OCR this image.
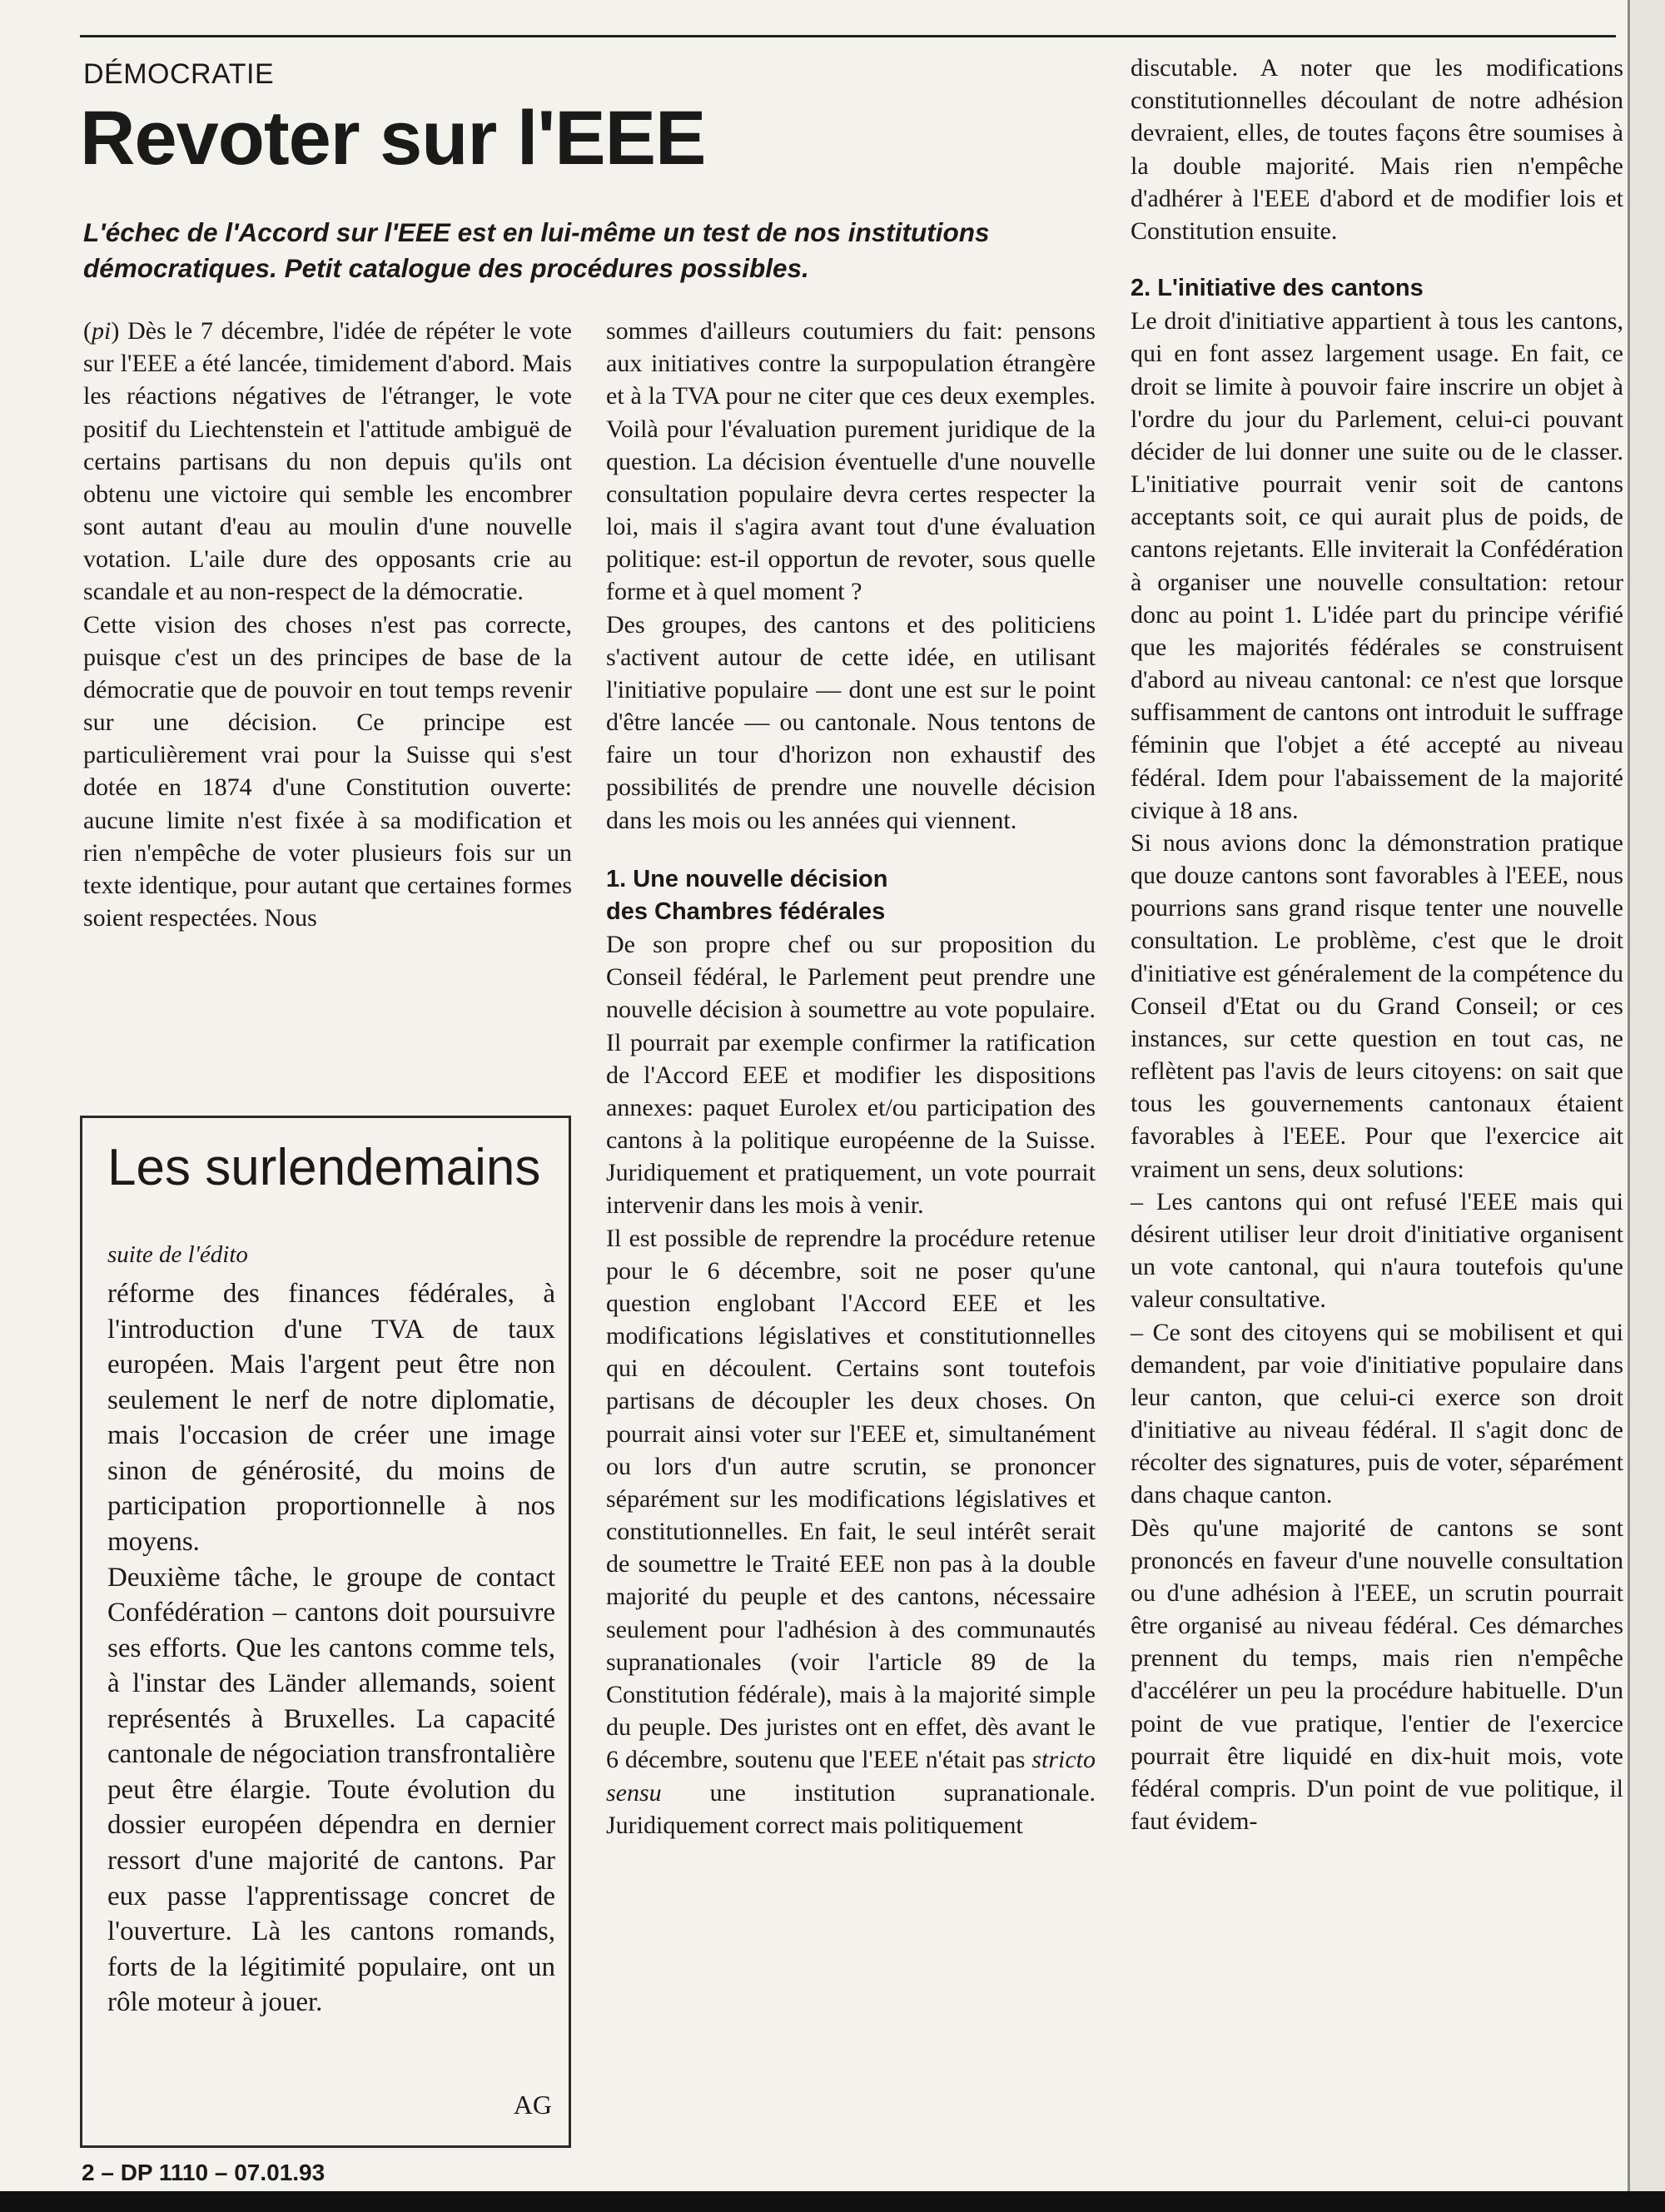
DÉMOCRATIE
Revoter sur l'EEE
L'échec de l'Accord sur l'EEE est en lui-même un test de nos institutions démocratiques. Petit catalogue des procédures possibles.

(pi) Dès le 7 décembre, l'idée de répéter le vote sur l'EEE a été lancée, timidement d'abord. Mais les réactions négatives de l'étranger, le vote positif du Liechtenstein et l'attitude ambiguë de certains partisans du non depuis qu'ils ont obtenu une victoire qui semble les encombrer sont autant d'eau au moulin d'une nouvelle votation. L'aile dure des opposants crie au scandale et au non-respect de la démocratie.

Cette vision des choses n'est pas correcte, puisque c'est un des principes de base de la démocratie que de pouvoir en tout temps revenir sur une décision. Ce principe est particulièrement vrai pour la Suisse qui s'est dotée en 1874 d'une Constitution ouverte: aucune limite n'est fixée à sa modification et rien n'empêche de voter plusieurs fois sur un texte identique, pour autant que certaines formes soient respectées. Nous

sommes d'ailleurs coutumiers du fait: pensons aux initiatives contre la surpopulation étrangère et à la TVA pour ne citer que ces deux exemples. Voilà pour l'évaluation purement juridique de la question. La décision éventuelle d'une nouvelle consultation populaire devra certes respecter la loi, mais il s'agira avant tout d'une évaluation politique: est-il opportun de revoter, sous quelle forme et à quel moment ?

Des groupes, des cantons et des politiciens s'activent autour de cette idée, en utilisant l'initiative populaire — dont une est sur le point d'être lancée — ou cantonale. Nous tentons de faire un tour d'horizon non exhaustif des possibilités de prendre une nouvelle décision dans les mois ou les années qui viennent.

1. Une nouvelle décision
des Chambres fédérales

De son propre chef ou sur proposition du Conseil fédéral, le Parlement peut prendre une nouvelle décision à soumettre au vote populaire. Il pourrait par exemple confirmer la ratification de l'Accord EEE et modifier les dispositions annexes: paquet Eurolex et/ou participation des cantons à la politique européenne de la Suisse. Juridiquement et pratiquement, un vote pourrait intervenir dans les mois à venir.

Il est possible de reprendre la procédure retenue pour le 6 décembre, soit ne poser qu'une question englobant l'Accord EEE et les modifications législatives et constitutionnelles qui en découlent. Certains sont toutefois partisans de découpler les deux choses. On pourrait ainsi voter sur l'EEE et, simultanément ou lors d'un autre scrutin, se prononcer séparément sur les modifications législatives et constitutionnelles. En fait, le seul intérêt serait de soumettre le Traité EEE non pas à la double majorité du peuple et des cantons, nécessaire seulement pour l'adhésion à des communautés supranationales (voir l'article 89 de la Constitution fédérale), mais à la majorité simple du peuple. Des juristes ont en effet, dès avant le 6 décembre, soutenu que l'EEE n'était pas stricto sensu une institution supranationale. Juridiquement correct mais politiquement

discutable. A noter que les modifications constitutionnelles découlant de notre adhésion devraient, elles, de toutes façons être soumises à la double majorité. Mais rien n'empêche d'adhérer à l'EEE d'abord et de modifier lois et Constitution ensuite.

2. L'initiative des cantons

Le droit d'initiative appartient à tous les cantons, qui en font assez largement usage. En fait, ce droit se limite à pouvoir faire inscrire un objet à l'ordre du jour du Parlement, celui-ci pouvant décider de lui donner une suite ou de le classer. L'initiative pourrait venir soit de cantons acceptants soit, ce qui aurait plus de poids, de cantons rejetants. Elle inviterait la Confédération à organiser une nouvelle consultation: retour donc au point 1. L'idée part du principe vérifié que les majorités fédérales se construisent d'abord au niveau cantonal: ce n'est que lorsque suffisamment de cantons ont introduit le suffrage féminin que l'objet a été accepté au niveau fédéral. Idem pour l'abaissement de la majorité civique à 18 ans.

Si nous avions donc la démonstration pratique que douze cantons sont favorables à l'EEE, nous pourrions sans grand risque tenter une nouvelle consultation. Le problème, c'est que le droit d'initiative est généralement de la compétence du Conseil d'Etat ou du Grand Conseil; or ces instances, sur cette question en tout cas, ne reflètent pas l'avis de leurs citoyens: on sait que tous les gouvernements cantonaux étaient favorables à l'EEE. Pour que l'exercice ait vraiment un sens, deux solutions:

– Les cantons qui ont refusé l'EEE mais qui désirent utiliser leur droit d'initiative organisent un vote cantonal, qui n'aura toutefois qu'une valeur consultative.

– Ce sont des citoyens qui se mobilisent et qui demandent, par voie d'initiative populaire dans leur canton, que celui-ci exerce son droit d'initiative au niveau fédéral. Il s'agit donc de récolter des signatures, puis de voter, séparément dans chaque canton.

Dès qu'une majorité de cantons se sont prononcés en faveur d'une nouvelle consultation ou d'une adhésion à l'EEE, un scrutin pourrait être organisé au niveau fédéral. Ces démarches prennent du temps, mais rien n'empêche d'accélérer un peu la procédure habituelle. D'un point de vue pratique, l'entier de l'exercice pourrait être liquidé en dix-huit mois, vote fédéral compris. D'un point de vue politique, il faut évidem-

Les surlendemains
suite de l'édito

réforme des finances fédérales, à l'introduction d'une TVA de taux européen. Mais l'argent peut être non seulement le nerf de notre diplomatie, mais l'occasion de créer une image sinon de générosité, du moins de participation proportionnelle à nos moyens.

Deuxième tâche, le groupe de contact Confédération – cantons doit poursuivre ses efforts. Que les cantons comme tels, à l'instar des Länder allemands, soient représentés à Bruxelles. La capacité cantonale de négociation transfrontalière peut être élargie. Toute évolution du dossier européen dépendra en dernier ressort d'une majorité de cantons. Par eux passe l'apprentissage concret de l'ouverture. Là les cantons romands, forts de la légitimité populaire, ont un rôle moteur à jouer.

AG
2 – DP 1110 – 07.01.93
